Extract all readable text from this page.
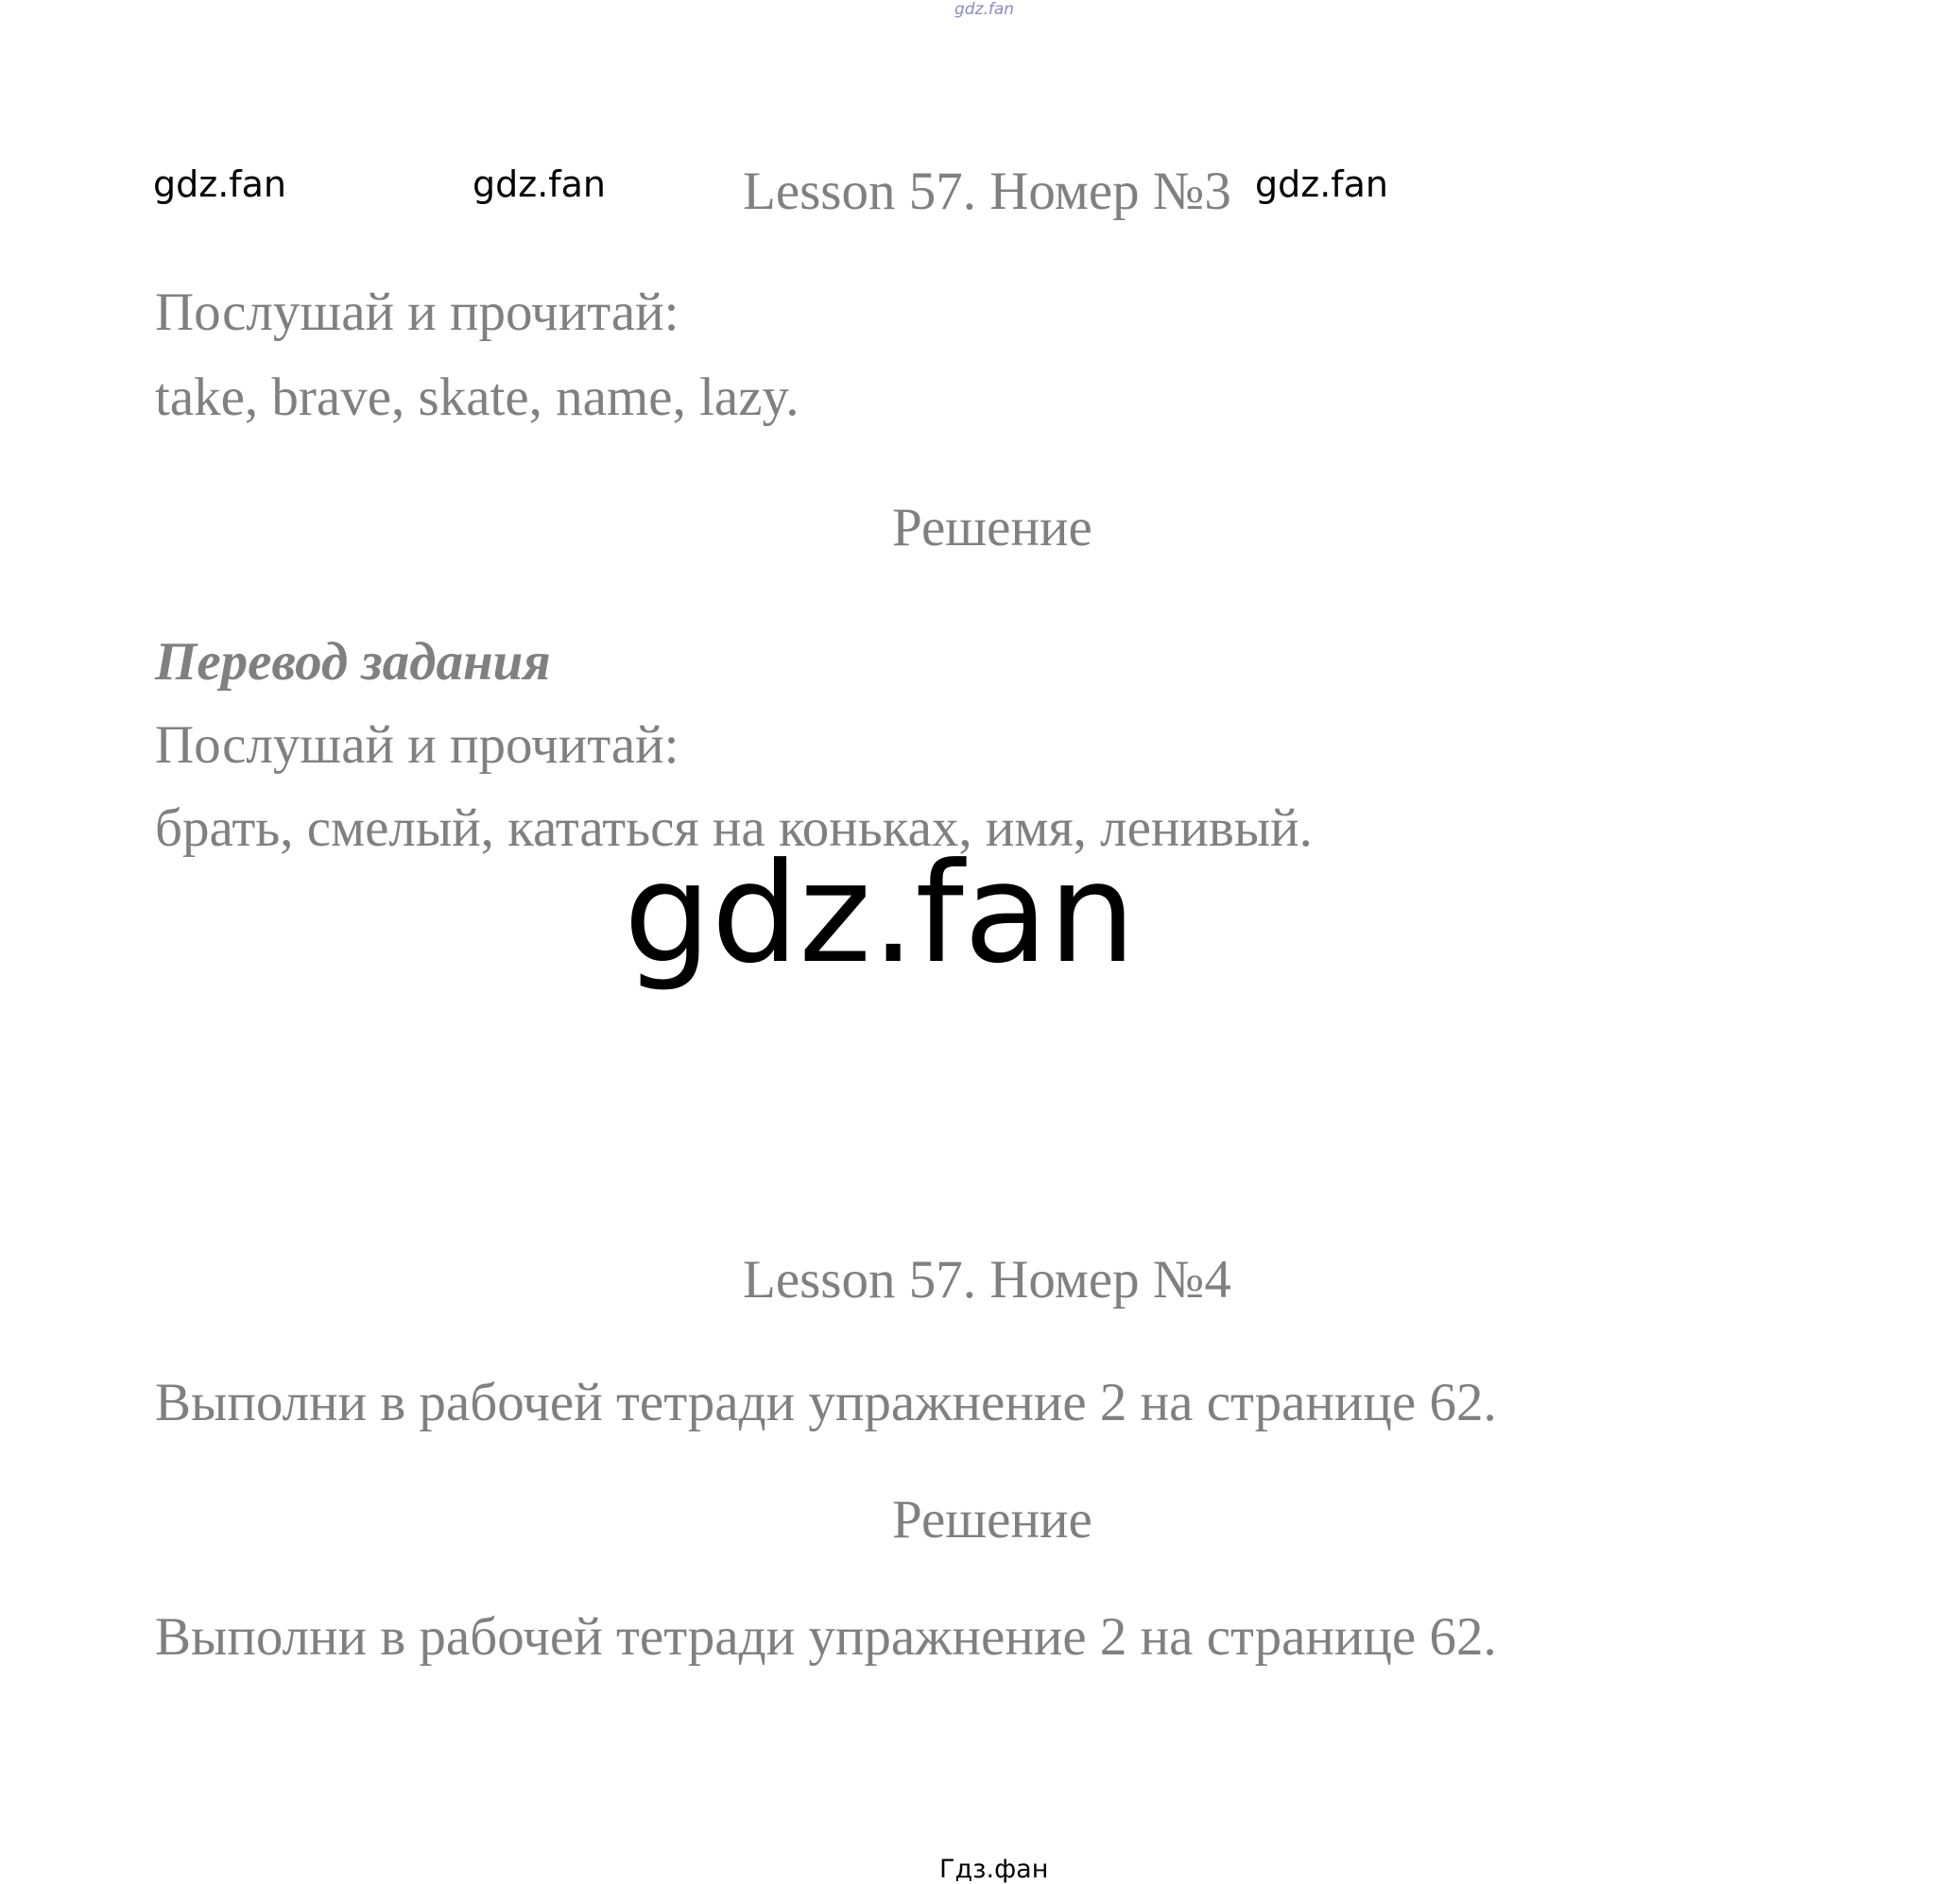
gdz.fan
gdz.fan	gdz.fan	Lesson 57. Номер №3 gdz.fan
Послушай и прочитай:
take, brave, skate, name, lazy.
Решение
Перевод задания
Послушай и прочитай:
брать, смелый, кататься на коньках, имя, ленивый.
gdz.fan
Lesson 57. Номер №4
Выполни в рабочей тетради упражнение 2 на странице 62.
Решение
Выполни в рабочей тетради упражнение 2 на странице 62.
Гдз.фан
